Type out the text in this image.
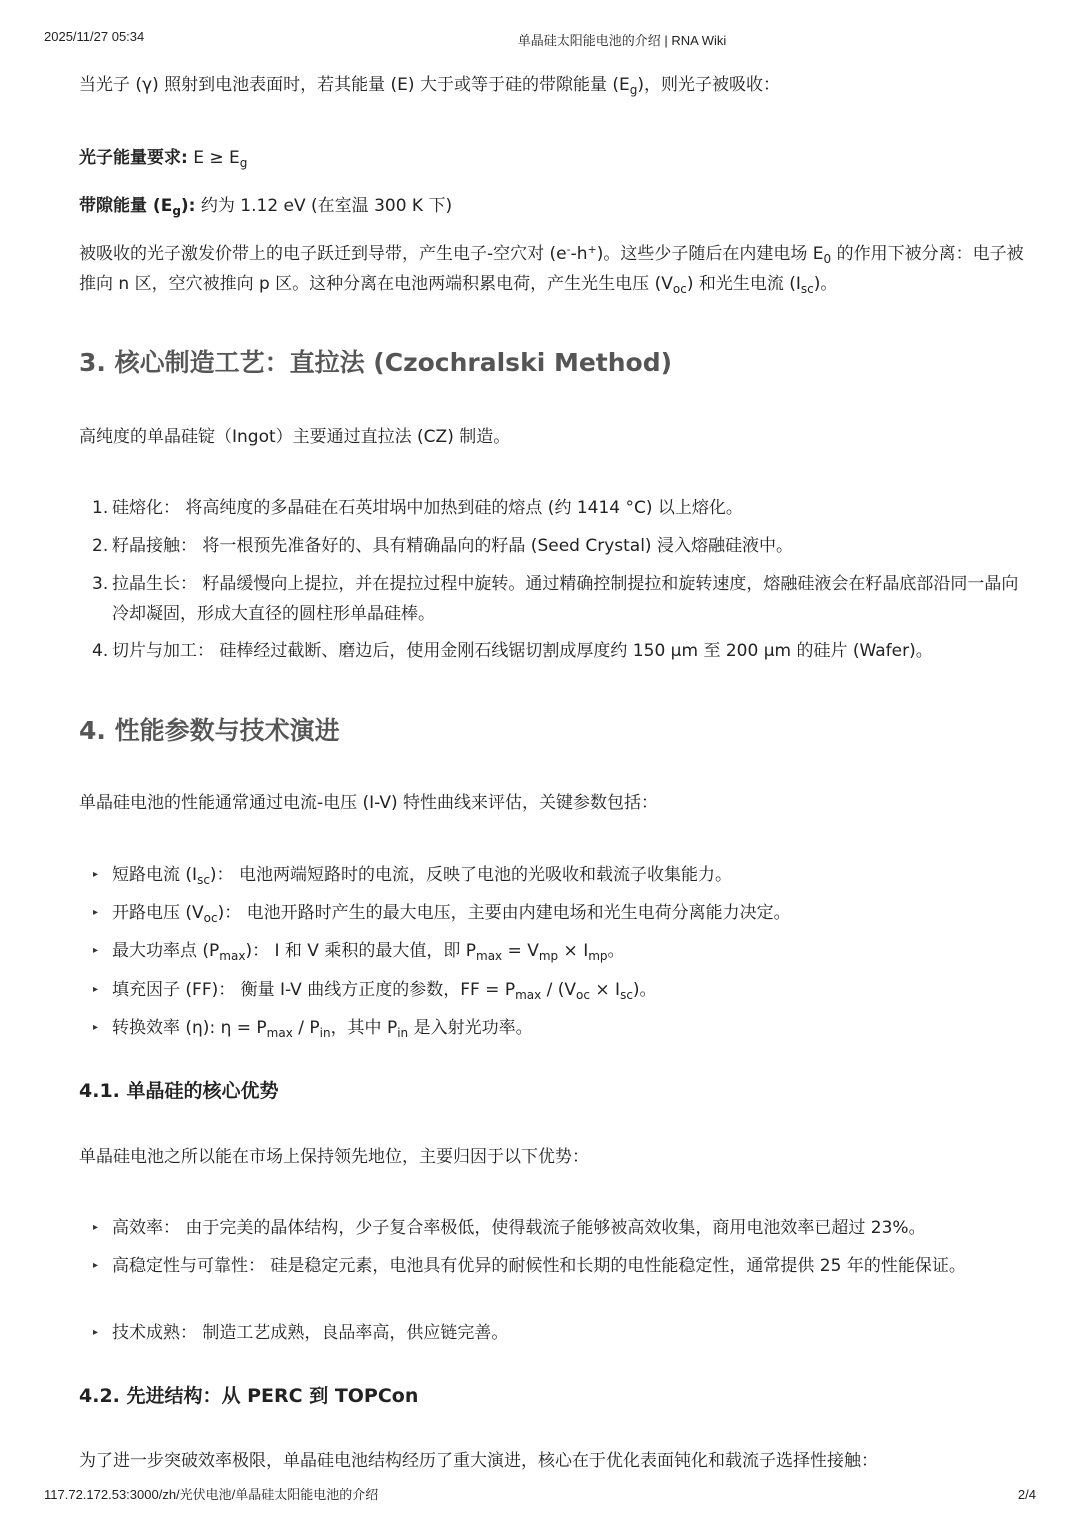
2025/11/27 05:34	单晶硅太阳能电池的介绍 | RNA Wiki
当光子 (γ) 照射到电池表面时，若其能量 (E) 大于或等于硅的带隙能量 $(E_g)$，则光子被吸收：
光子能量要求: $E \ge E_g$
带隙能量 $(E_g)$: 约为 1.12 eV (在室温 300 K 下)
被吸收的光子激发价带上的电子跃迁到导带，产生电子-空穴对 (e--h+)。这些少子随后在内建电场 $E_0$ 的作用下被分离：电子被推向 n 区，空穴被推向 p 区。这种分离在电池两端积累电荷，产生光生电压 $(V_{oc})$ 和光生电流 $(I_{sc})$。
3. 核心制造工艺：直拉法 (Czochralski Method)
高纯度的单晶硅锭（Ingot）主要通过直拉法 (CZ) 制造。
1. 硅熔化： 将高纯度的多晶硅在石英坩埚中加热到硅的熔点 (约 1414 °C) 以上熔化。
2. 籽晶接触： 将一根预先准备好的、具有精确晶向的籽晶 (Seed Crystal) 浸入熔融硅液中。
3. 拉晶生长： 籽晶缓慢向上提拉，并在提拉过程中旋转。通过精确控制提拉和旋转速度，熔融硅液会在籽晶底部沿同一晶向冷却凝固，形成大直径的圆柱形单晶硅棒。
4. 切片与加工： 硅棒经过截断、磨边后，使用金刚石线锯切割成厚度约 150 μm 至 200 μm 的硅片 (Wafer)。
4. 性能参数与技术演进
单晶硅电池的性能通常通过电流-电压 (I-V) 特性曲线来评估，关键参数包括：
▸ 短路电流 $(I_{sc})$： 电池两端短路时的电流，反映了电池的光吸收和载流子收集能力。
▸ 开路电压 $(V_{oc})$： 电池开路时产生的最大电压，主要由内建电场和光生电荷分离能力决定。
▸ 最大功率点 $(P_{max})$： I 和 V 乘积的最大值，即 $P_{max} = V_{mp} \times I_{mp}$。
▸ 填充因子 (FF)： 衡量 I-V 曲线方正度的参数，FF = $P_{max} / (V_{oc} \times I_{sc})$。
▸ 转换效率 (η): $\eta = P_{max} / P_{in}$，其中 $P_{in}$ 是入射光功率。
4.1. 单晶硅的核心优势
单晶硅电池之所以能在市场上保持领先地位，主要归因于以下优势：
▸ 高效率： 由于完美的晶体结构，少子复合率极低，使得载流子能够被高效收集，商用电池效率已超过 23%。
▸ 高稳定性与可靠性： 硅是稳定元素，电池具有优异的耐候性和长期的电性能稳定性，通常提供 25 年的性能保证。
▸ 技术成熟： 制造工艺成熟，良品率高，供应链完善。
4.2. 先进结构：从 PERC 到 TOPCon
为了进一步突破效率极限，单晶硅电池结构经历了重大演进，核心在于优化表面钝化和载流子选择性接触：
117.72.172.53:3000/zh/光伏电池/单晶硅太阳能电池的介绍	2/4
